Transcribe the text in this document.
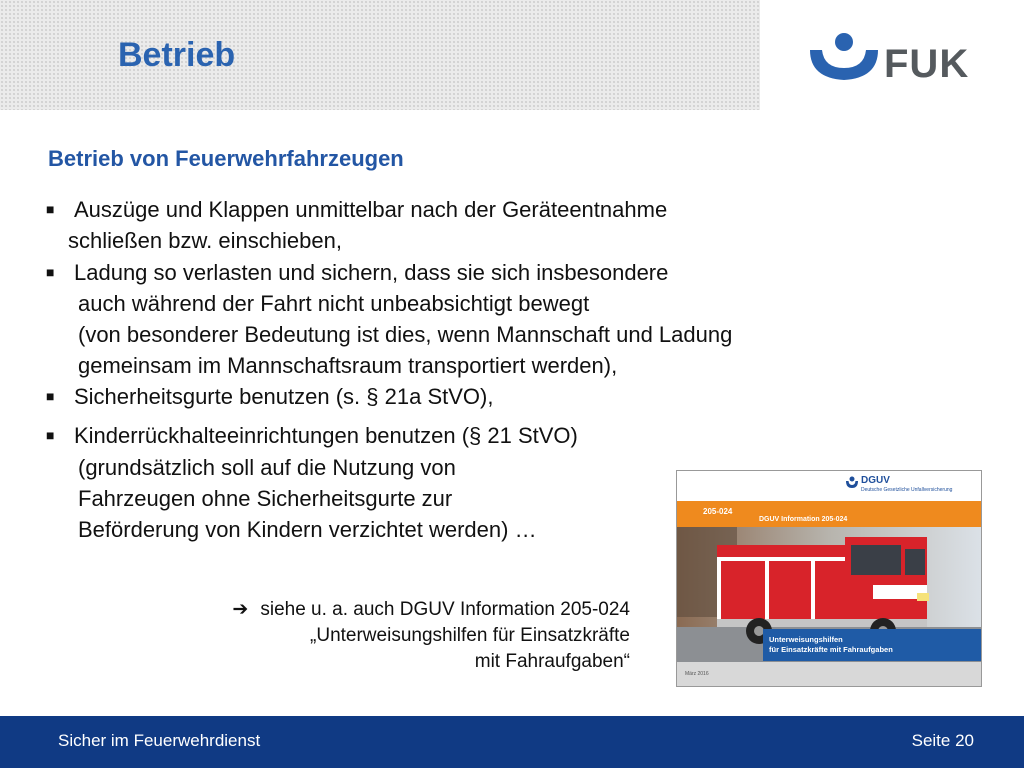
Betrieb	FUK
Betrieb von Feuerwehrfahrzeugen
■ Auszüge und Klappen unmittelbar nach der Geräteentnahme
schließen bzw. einschieben,
■ Ladung so verlasten und sichern, dass sie sich insbesondere
auch während der Fahrt nicht unbeabsichtigt bewegt
(von besonderer Bedeutung ist dies, wenn Mannschaft und Ladung
gemeinsam im Mannschaftsraum transportiert werden),
■ Sicherheitsgurte benutzen (s. § 21a StVO),
■ Kinderrückhalteeinrichtungen benutzen (§ 21 StVO)
(grundsätzlich soll auf die Nutzung von
Fahrzeugen ohne Sicherheitsgurte zur
Beförderung von Kindern verzichtet werden) …
➔ siehe u. a. auch DGUV Information 205-024
„Unterweisungshilfen für Einsatzkräfte
mit Fahraufgaben“
DGUV
Deutsche Gesetzliche Unfallversicherung
205-024
DGUV Information 205-024
Unterweisungshilfen
für Einsatzkräfte mit Fahraufgaben
März 2016
Sicher im Feuerwehrdienst	Seite 20
